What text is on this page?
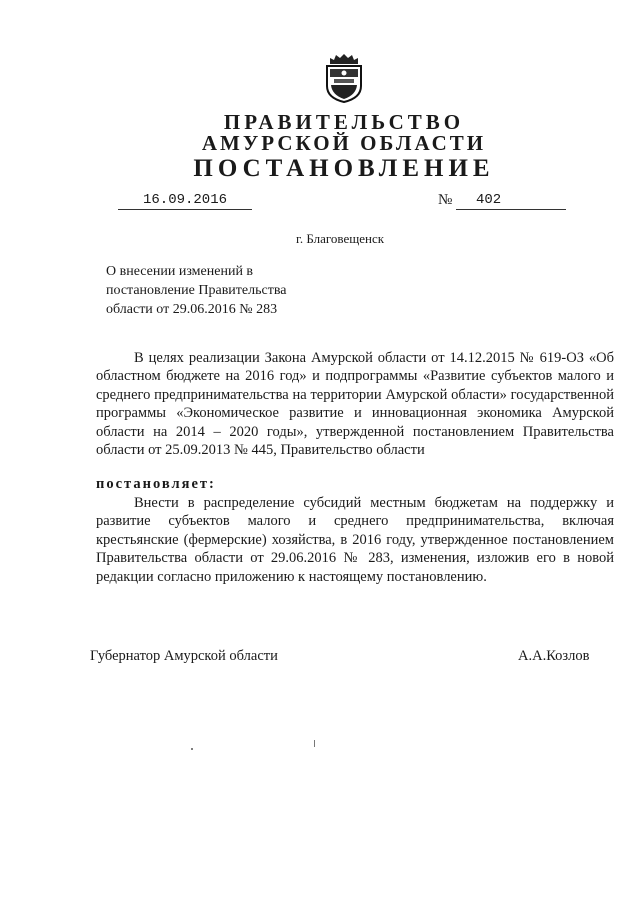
ПРАВИТЕЛЬСТВО
АМУРСКОЙ ОБЛАСТИ
ПОСТАНОВЛЕНИЕ
16.09.2016	№ 402
г. Благовещенск
О внесении изменений в
постановление Правительства
области от 29.06.2016 № 283
В целях реализации Закона Амурской области от 14.12.2015 № 619-ОЗ «Об областном бюджете на 2016 год» и подпрограммы «Развитие субъектов малого и среднего предпринимательства на территории Амурской области» государственной программы «Экономическое развитие и инновационная экономика Амурской области на 2014 – 2020 годы», утвержденной постановлением Правительства области от 25.09.2013 № 445, Правительство области
постановляет:
Внести в распределение субсидий местным бюджетам на поддержку и развитие субъектов малого и среднего предпринимательства, включая крестьянские (фермерские) хозяйства, в 2016 году, утвержденное постановлением Правительства области от 29.06.2016 № 283, изменения, изложив его в новой редакции согласно приложению к настоящему постановлению.
Губернатор Амурской области	А.А.Козлов
